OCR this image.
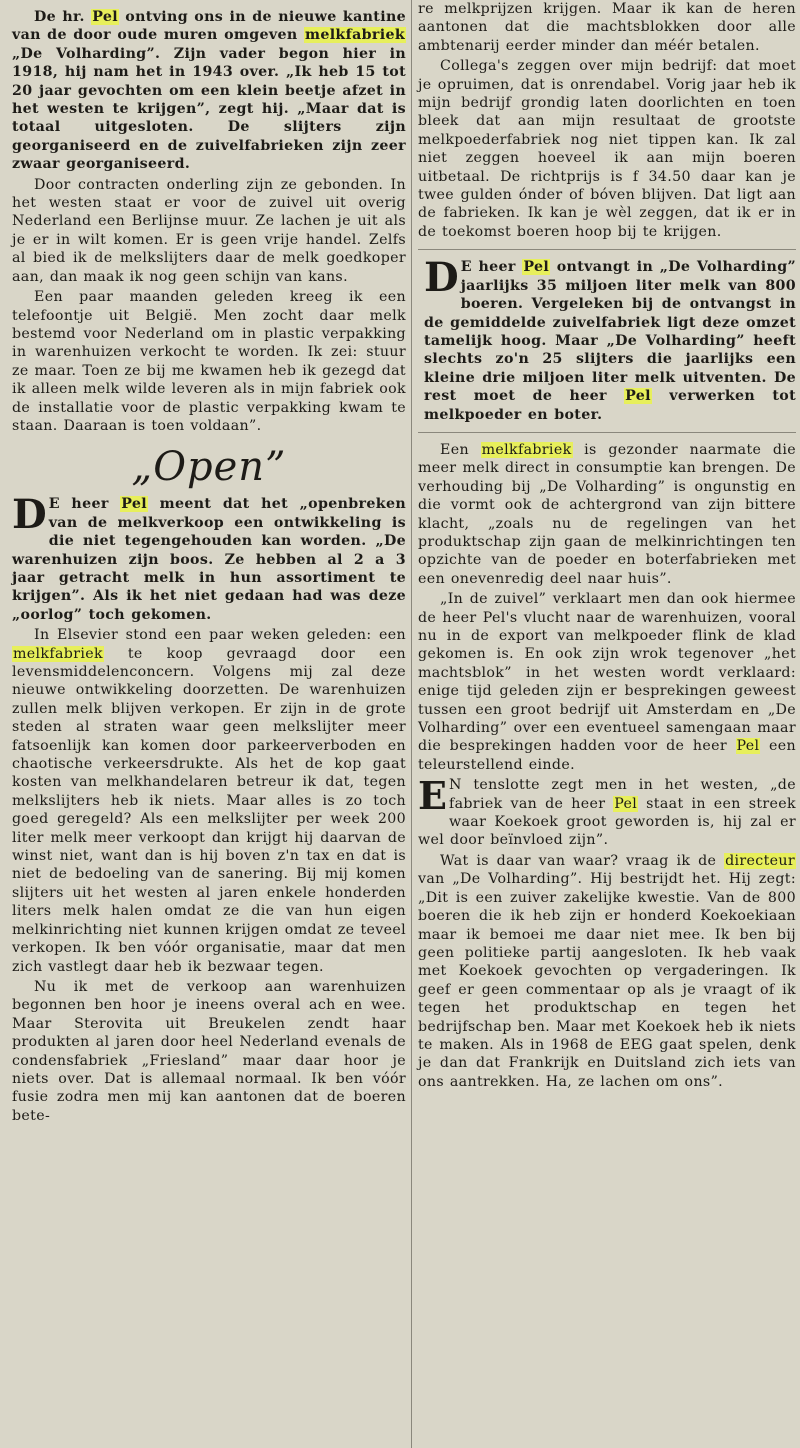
De hr. Pel ontving ons in de nieuwe kantine van de door oude muren omgeven melkfabriek „De Volharding”. Zijn vader begon hier in 1918, hij nam het in 1943 over. „Ik heb 15 tot 20 jaar gevochten om een klein beetje afzet in het westen te krijgen”, zegt hij. „Maar dat is totaal uitgesloten. De slijters zijn georganiseerd en de zuivelfabrieken zijn zeer zwaar georganiseerd.

Door contracten onderling zijn ze gebonden. In het westen staat er voor de zuivel uit overig Nederland een Berlijnse muur. Ze lachen je uit als je er in wilt komen. Er is geen vrije handel. Zelfs al bied ik de melkslijters daar de melk goedkoper aan, dan maak ik nog geen schijn van kans.

Een paar maanden geleden kreeg ik een telefoontje uit België. Men zocht daar melk bestemd voor Nederland om in plastic verpakking in warenhuizen verkocht te worden. Ik zei: stuur ze maar. Toen ze bij me kwamen heb ik gezegd dat ik alleen melk wilde leveren als in mijn fabriek ook de installatie voor de plastic verpakking kwam te staan. Daaraan is toen voldaan”.

„Open”

D E heer Pel meent dat het „openbreken van de melkverkoop een ontwikkeling is die niet tegengehouden kan worden. „De warenhuizen zijn boos. Ze hebben al 2 a 3 jaar getracht melk in hun assortiment te krijgen”. Als ik het niet gedaan had was deze „oorlog” toch gekomen.

In Elsevier stond een paar weken geleden: een melkfabriek te koop gevraagd door een levensmiddelenconcern. Volgens mij zal deze nieuwe ontwikkeling doorzetten. De warenhuizen zullen melk blijven verkopen. Er zijn in de grote steden al straten waar geen melkslijter meer fatsoenlijk kan komen door parkeerverboden en chaotische verkeersdrukte. Als het de kop gaat kosten van melkhandelaren betreur ik dat, tegen melkslijters heb ik niets. Maar alles is zo toch goed geregeld? Als een melkslijter per week 200 liter melk meer verkoopt dan krijgt hij daarvan de winst niet, want dan is hij boven z'n tax en dat is niet de bedoeling van de sanering. Bij mij komen slijters uit het westen al jaren enkele honderden liters melk halen omdat ze die van hun eigen melkinrichting niet kunnen krijgen omdat ze teveel verkopen. Ik ben vóór organisatie, maar dat men zich vastlegt daar heb ik bezwaar tegen.

Nu ik met de verkoop aan warenhuizen begonnen ben hoor je ineens overal ach en wee. Maar Sterovita uit Breukelen zendt haar produkten al jaren door heel Nederland evenals de condensfabriek „Friesland” maar daar hoor je niets over. Dat is allemaal normaal. Ik ben vóór fusie zodra men mij kan aantonen dat de boeren bete-

re melkprijzen krijgen. Maar ik kan de heren aantonen dat die machtsblokken door alle ambtenarij eerder minder dan méér betalen.

Collega's zeggen over mijn bedrijf: dat moet je opruimen, dat is onrendabel. Vorig jaar heb ik mijn bedrijf grondig laten doorlichten en toen bleek dat aan mijn resultaat de grootste melkpoederfabriek nog niet tippen kan. Ik zal niet zeggen hoeveel ik aan mijn boeren uitbetaal. De richtprijs is f 34.50 daar kan je twee gulden ónder of bóven blijven. Dat ligt aan de fabrieken. Ik kan je wèl zeggen, dat ik er in de toekomst boeren hoop bij te krijgen.

D E heer Pel ontvangt in „De Volharding” jaarlijks 35 miljoen liter melk van 800 boeren. Vergeleken bij de ontvangst in de gemiddelde zuivelfabriek ligt deze omzet tamelijk hoog. Maar „De Volharding” heeft slechts zo'n 25 slijters die jaarlijks een kleine drie miljoen liter melk uitventen. De rest moet de heer Pel verwerken tot melkpoeder en boter.

Een melkfabriek is gezonder naarmate die meer melk direct in consumptie kan brengen. De verhouding bij „De Volharding” is ongunstig en die vormt ook de achtergrond van zijn bittere klacht, „zoals nu de regelingen van het produktschap zijn gaan de melkinrichtingen ten opzichte van de poeder en boterfabrieken met een onevenredig deel naar huis”.

„In de zuivel” verklaart men dan ook hiermee de heer Pel's vlucht naar de warenhuizen, vooral nu in de export van melkpoeder flink de klad gekomen is. En ook zijn wrok tegenover „het machtsblok” in het westen wordt verklaard: enige tijd geleden zijn er besprekingen geweest tussen een groot bedrijf uit Amsterdam en „De Volharding” over een eventueel samengaan maar die besprekingen hadden voor de heer Pel een teleurstellend einde.

E N tenslotte zegt men in het westen, „de fabriek van de heer Pel staat in een streek waar Koekoek groot geworden is, hij zal er wel door beïnvloed zijn”.

Wat is daar van waar? vraag ik de directeur van „De Volharding”. Hij bestrijdt het. Hij zegt: „Dit is een zuiver zakelijke kwestie. Van de 800 boeren die ik heb zijn er honderd Koekoekiaan maar ik bemoei me daar niet mee. Ik ben bij geen politieke partij aangesloten. Ik heb vaak met Koekoek gevochten op vergaderingen. Ik geef er geen commentaar op als je vraagt of ik tegen het produktschap en tegen het bedrijfschap ben. Maar met Koekoek heb ik niets te maken. Als in 1968 de EEG gaat spelen, denk je dan dat Frankrijk en Duitsland zich iets van ons aantrekken. Ha, ze lachen om ons”.
